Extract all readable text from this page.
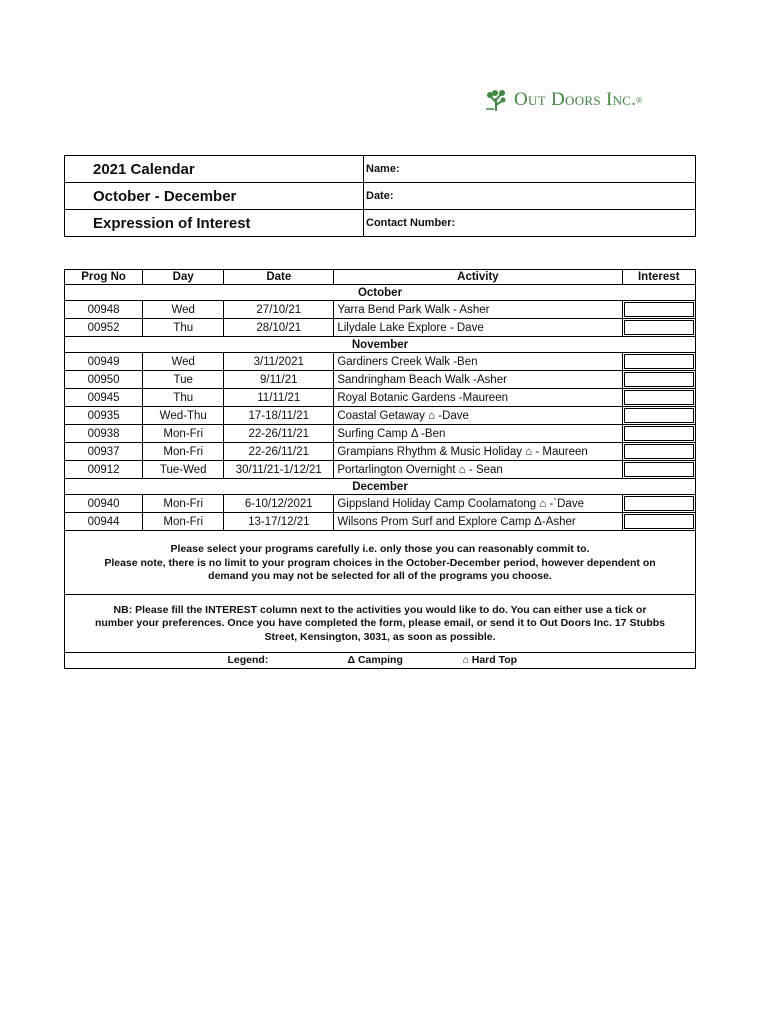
Out Doors Inc. ®
2021 Calendar	Name:
October - December	Date:
Expression of Interest	Contact Number:
Prog No	Day	Date	Activity	Interest
October				
00948	Wed	27/10/21	Yarra Bend Park Walk - Asher	

00952	Thu	28/10/21	Lilydale Lake Explore - Dave	

November				
00949	Wed	3/11/2021	Gardiners Creek Walk -Ben	

00950	Tue	9/11/21	Sandringham Beach Walk -Asher	

00945	Thu	11/11/21	Royal Botanic Gardens -Maureen	

00935	Wed-Thu	17-18/11/21	Coastal Getaway ⌂ -Dave	

00938	Mon-Fri	22-26/11/21	Surfing Camp Δ -Ben	

00937	Mon-Fri	22-26/11/21	Grampians Rhythm & Music Holiday ⌂ - Maureen	

00912	Tue-Wed	30/11/21-1/12/21	Portarlington Overnight ⌂ - Sean	

December				
00940	Mon-Fri	6-10/12/2021	Gippsland Holiday Camp Coolamatong ⌂ -`Dave	

00944	Mon-Fri	13-17/12/21	Wilsons Prom Surf and Explore Camp Δ-Asher	

Please select your programs carefully i.e. only those you can reasonably commit to.
Please note, there is no limit to your program choices in the October-December period, however dependent on
demand you may not be selected for all of the programs you choose.				

NB: Please fill the INTEREST column next to the activities you would like to do. You can either use a tick or
number your preferences. Once you have completed the form, please email, or send it to Out Doors Inc. 17 Stubbs
Street, Kensington, 3031, as soon as possible.				

Legend: Δ Camping ⌂ Hard Top				
